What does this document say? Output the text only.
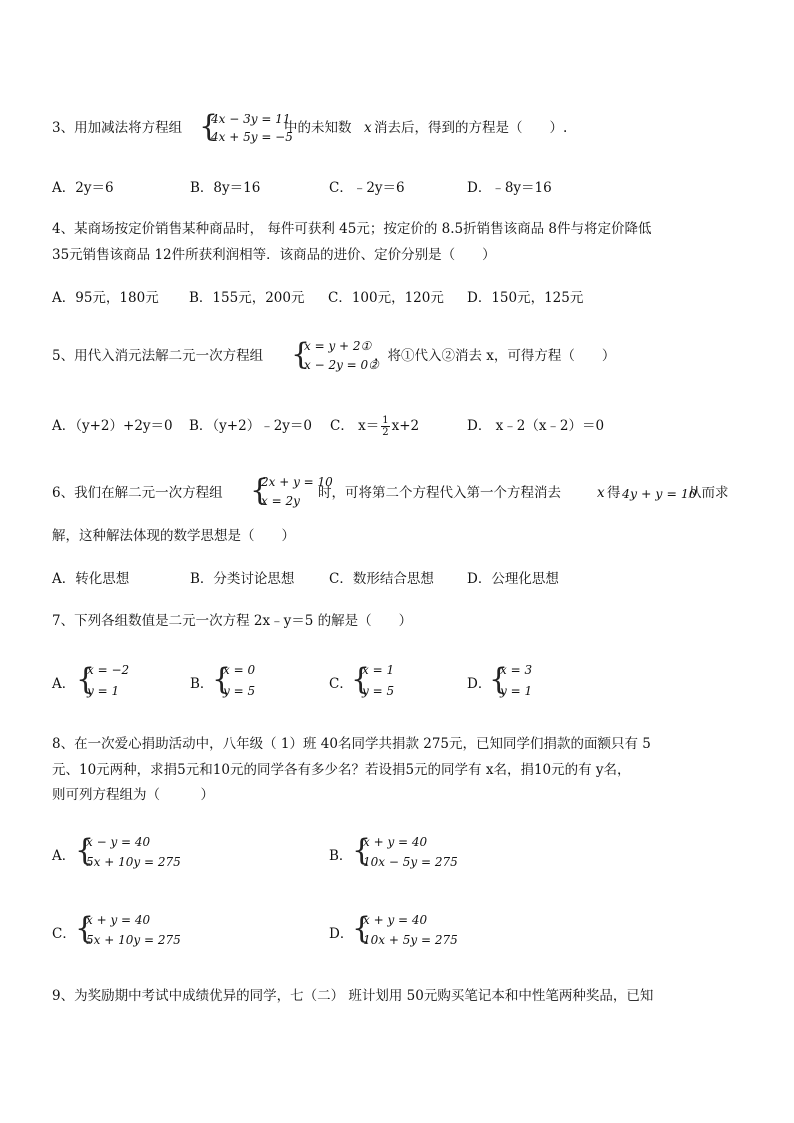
3、用加减法将方程组 {
4x − 3y = 11
4x + 5y = −5
中的未知数 x 消去后，得到的方程是（　　）.
A．2y＝6	B．8y＝16	C．﹣2y＝6	D．﹣8y＝16
4、某商场按定价销售某种商品时， 每件可获利 45元；按定价的 8.5折销售该商品 8件与将定价降低
35元销售该商品 12件所获利润相等．该商品的进价、定价分别是（　　）
A．95元，180元 B．155元，200元 C．100元，120元 D．150元，125元
5、用代入消元法解二元一次方程组 {
x = y + 2①
x − 2y = 0②
，将①代入②消去 x，可得方程（　　）
A．（y+2）+2y＝0 B．（y+2）﹣2y＝0 C． $x= \frac{1}{2} x+2$	D． x﹣2（x﹣2）＝0
6、我们在解二元一次方程组 {
2x + y = 10
x = 2y 时，可将第二个方程代入第一个方程消去	x 得 4y + y = 10
从而求
解，这种解法体现的数学思想是（　　）
A．转化思想	B．分类讨论思想	C．数形结合思想 D．公理化思想
7、下列各组数值是二元一次方程 2x﹣y＝5 的解是（　　）
A． {
x = −2
y = 1	B．
{
x = 0
y = 5	C．
{
x = 1
y = 5	D．
{
x = 3
y = 1
8、在一次爱心捐助活动中，八年级（ 1）班 40名同学共捐款 275元，已知同学们捐款的面额只有 5
元、10元两种，求捐5元和10元的同学各有多少名？若设捐5元的同学有 x名，捐10元的有 y名，
则可列方程组为（　　　）
A． {
x − y = 40
5x + 10y = 275	B． {
x + y = 40
10x − 5y = 275
C． {
x + y = 40
5x + 10y = 275	D．
{
x + y = 40
10x + 5y = 275
9、为奖励期中考试中成绩优异的同学，七（二） 班计划用 50元购买笔记本和中性笔两种奖品，已知
